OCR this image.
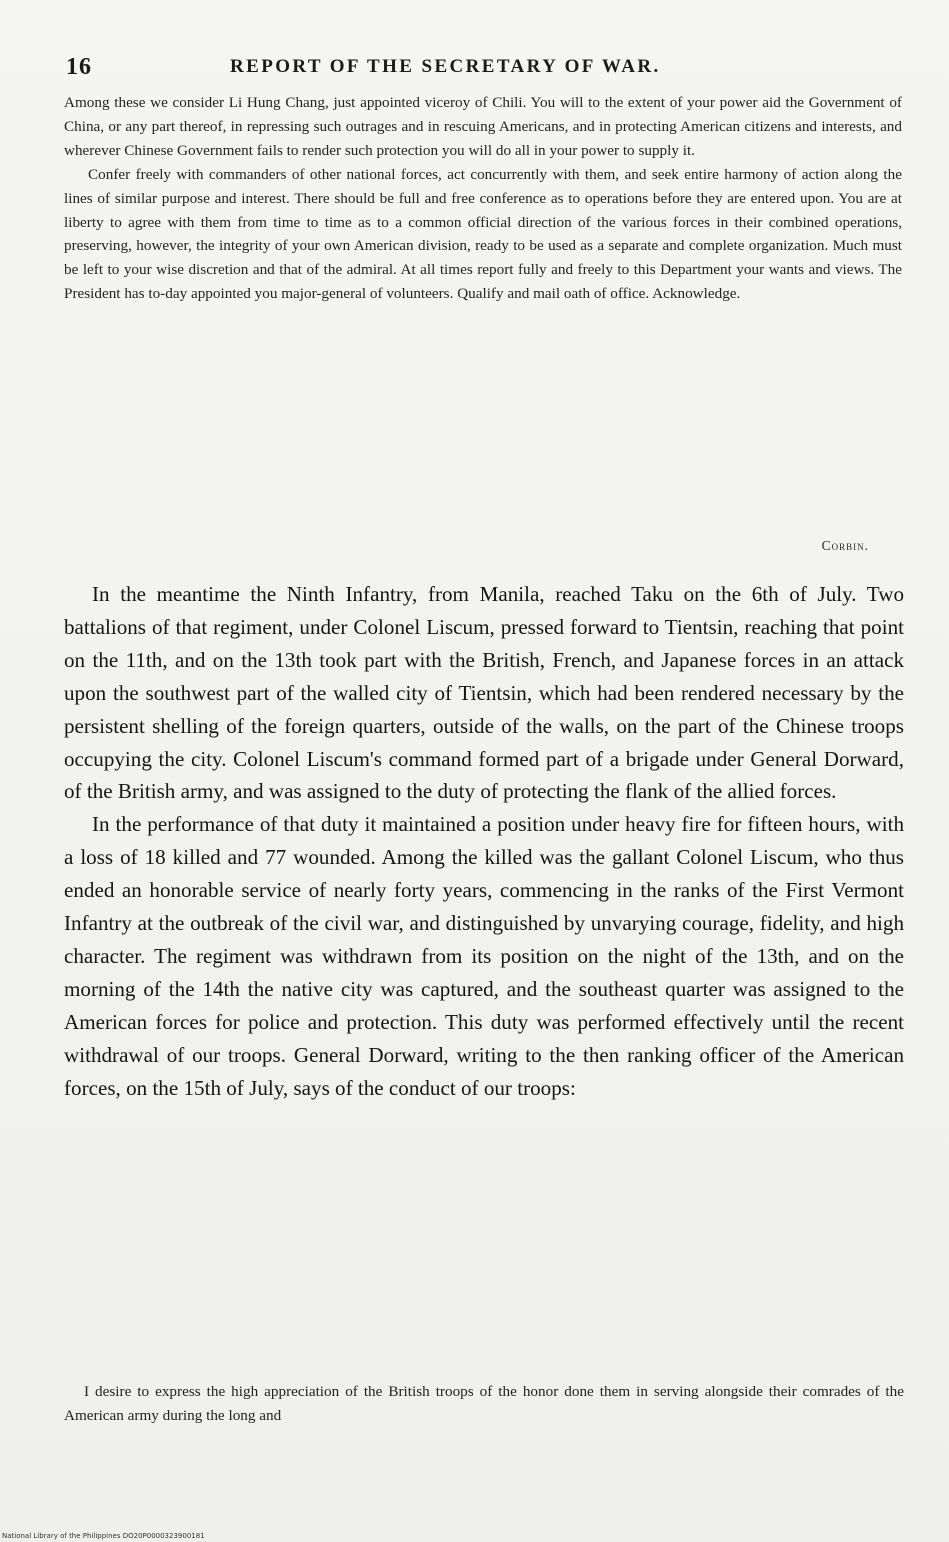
16	REPORT OF THE SECRETARY OF WAR.

Among these we consider Li Hung Chang, just appointed viceroy of Chili. You will to the extent of your power aid the Government of China, or any part thereof, in repressing such outrages and in rescuing Americans, and in protecting American citizens and interests, and wherever Chinese Government fails to render such protection you will do all in your power to supply it.

Confer freely with commanders of other national forces, act concurrently with them, and seek entire harmony of action along the lines of similar purpose and interest. There should be full and free conference as to operations before they are entered upon. You are at liberty to agree with them from time to time as to a common official direction of the various forces in their combined operations, preserving, however, the integrity of your own American division, ready to be used as a separate and complete organization. Much must be left to your wise discretion and that of the admiral. At all times report fully and freely to this Department your wants and views. The President has to-day appointed you major-general of volunteers. Qualify and mail oath of office. Acknowledge.

Corbin.

In the meantime the Ninth Infantry, from Manila, reached Taku on the 6th of July. Two battalions of that regiment, under Colonel Liscum, pressed forward to Tientsin, reaching that point on the 11th, and on the 13th took part with the British, French, and Japanese forces in an attack upon the southwest part of the walled city of Tientsin, which had been rendered necessary by the persistent shelling of the foreign quarters, outside of the walls, on the part of the Chinese troops occupying the city. Colonel Liscum's command formed part of a brigade under General Dorward, of the British army, and was assigned to the duty of protecting the flank of the allied forces.

In the performance of that duty it maintained a position under heavy fire for fifteen hours, with a loss of 18 killed and 77 wounded. Among the killed was the gallant Colonel Liscum, who thus ended an honorable service of nearly forty years, commencing in the ranks of the First Vermont Infantry at the outbreak of the civil war, and distinguished by unvarying courage, fidelity, and high character. The regiment was withdrawn from its position on the night of the 13th, and on the morning of the 14th the native city was captured, and the southeast quarter was assigned to the American forces for police and protection. This duty was performed effectively until the recent withdrawal of our troops. General Dorward, writing to the then ranking officer of the American forces, on the 15th of July, says of the conduct of our troops:

I desire to express the high appreciation of the British troops of the honor done them in serving alongside their comrades of the American army during the long and

National Library of the Philippines DO20P0000323900181
